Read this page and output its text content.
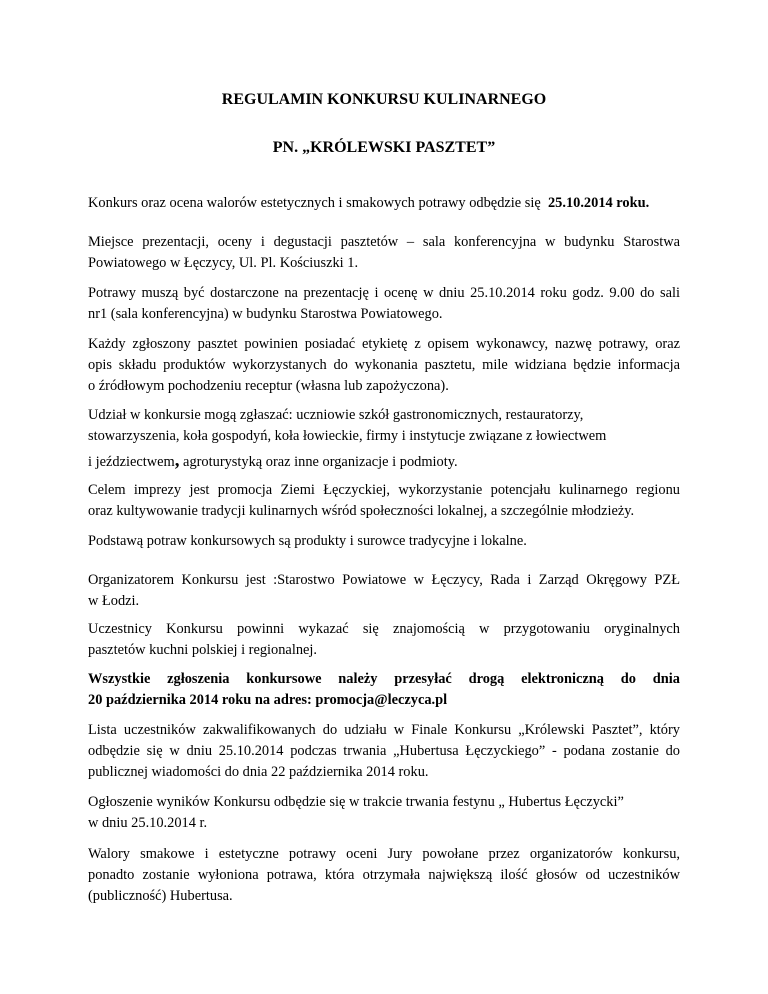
REGULAMIN KONKURSU KULINARNEGO
PN. „KRÓLEWSKI PASZTET”

Konkurs oraz ocena walorów estetycznych i smakowych potrawy odbędzie się 25.10.2014 roku.

Miejsce prezentacji, oceny i degustacji pasztetów – sala konferencyjna w budynku Starostwa
Powiatowego w Łęczycy, Ul. Pl. Kościuszki 1.

Potrawy muszą być dostarczone na prezentację i ocenę w dniu 25.10.2014 roku godz. 9.00 do sali
nr1 (sala konferencyjna) w budynku Starostwa Powiatowego.

Każdy zgłoszony pasztet powinien posiadać etykietę z opisem wykonawcy, nazwę potrawy, oraz
opis składu produktów wykorzystanych do wykonania pasztetu, mile widziana będzie informacja
o źródłowym pochodzeniu receptur (własna lub zapożyczona).

Udział w konkursie mogą zgłaszać: uczniowie szkół gastronomicznych, restauratorzy,
stowarzyszenia, koła gospodyń, koła łowieckie, firmy i instytucje związane z łowiectwem
i jeździectwem, agroturystyką oraz inne organizacje i podmioty.

Celem imprezy jest promocja Ziemi Łęczyckiej, wykorzystanie potencjału kulinarnego regionu
oraz kultywowanie tradycji kulinarnych wśród społeczności lokalnej, a szczególnie młodzieży.

Podstawą potraw konkursowych są produkty i surowce tradycyjne i lokalne.

Organizatorem Konkursu jest :Starostwo Powiatowe w Łęczycy, Rada i Zarząd Okręgowy PZŁ
w Łodzi.

Uczestnicy Konkursu powinni wykazać się znajomością w przygotowaniu oryginalnych
pasztetów kuchni polskiej i regionalnej.

Wszystkie zgłoszenia konkursowe należy przesyłać drogą elektroniczną do dnia
20 października 2014 roku na adres: promocja@leczyca.pl

Lista uczestników zakwalifikowanych do udziału w Finale Konkursu „Królewski Pasztet”, który
odbędzie się w dniu 25.10.2014 podczas trwania „Hubertusa Łęczyckiego” - podana zostanie do
publicznej wiadomości do dnia 22 października 2014 roku.

Ogłoszenie wyników Konkursu odbędzie się w trakcie trwania festynu „ Hubertus Łęczycki”
w dniu 25.10.2014 r.

Walory smakowe i estetyczne potrawy oceni Jury powołane przez organizatorów konkursu,
ponadto zostanie wyłoniona potrawa, która otrzymała największą ilość głosów od uczestników
(publiczność) Hubertusa.
